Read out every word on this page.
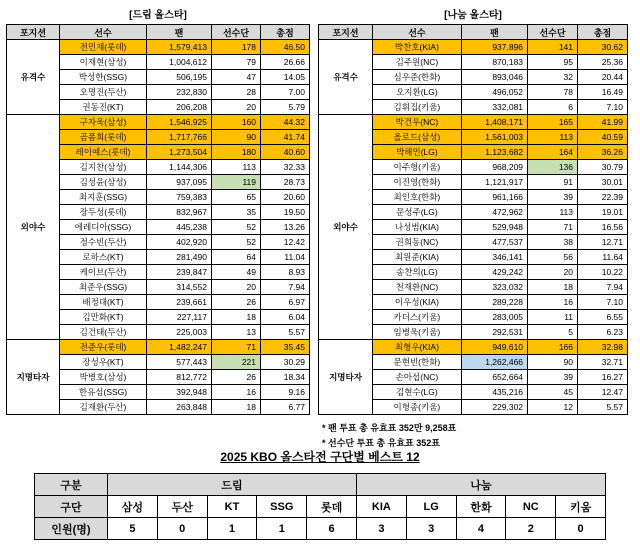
[드림 올스타]
포지션	선수	팬	선수단	총점
유격수	전민재(롯데)	1,579,413	178	46.50
	이재현(삼성)	1,004,612	79	26.66
	박성한(SSG)	506,195	47	14.05
	오명진(두산)	232,830	28	7.00
	권동진(KT)	206,208	20	5.79
외야수	구자욱(삼성)	1,546,925	160	44.32
	곰폼희(롯데)	1,717,766	90	41.74
	레이예스(롯데)	1,273,504	180	40.60
	김지찬(삼성)	1,144,306	113	32.33
	김성윤(삼성)	937,095	119	28.73
	최지훈(SSG)	759,383	65	20.60
	장두성(롯데)	832,967	35	19.50
	에레디아(SSG)	445,238	52	13.26
	정수빈(두산)	402,920	52	12.42
	로하스(KT)	281,490	64	11.04
	케이브(두산)	239,847	49	8.93
	최준우(SSG)	314,552	20	7.94
	배정대(KT)	239,661	26	6.97
	김만화(KT)	227,117	18	6.04
	김건태(두산)	225,003	13	5.57
지명타자	전준우(롯데)	1,482,247	71	35.45
	장성우(KT)	577,443	221	30.29
	박병호(삼성)	812,772	26	18.34
	한유섬(SSG)	392,948	16	9.16
	김재환(두산)	263,848	18	6.77
[나눔 올스타]
포지션	선수	팬	선수단	총점
유격수	박찬호(KIA)	937,896	141	30.62
	김주원(NC)	870,183	95	25.36
	심우준(한화)	893,046	32	20.44
	오지환(LG)	496,052	78	16.49
	김휘집(키움)	332,081	6	7.10
외야수	박건우(NC)	1,408,171	165	41.99
	올로드(삼성)	1,561,003	113	40.59
	박해민(LG)	1,123,682	164	36.26
	이주형(키움)	968,209	136	30.79
	이진영(한화)	1,121,917	91	30.01
	최인호(한화)	961,166	39	22.39
	문성주(LG)	472,962	113	19.01
	나성범(KIA)	529,948	71	16.56
	권희동(NC)	477,537	38	12.71
	최원준(KIA)	346,141	56	11.64
	송찬의(LG)	429,242	20	10.22
	천재환(NC)	323,032	18	7.94
	이우성(KIA)	289,228	16	7.10
	카더스(키움)	283,005	11	6.55
	임병욱(키움)	292,531	5	6.23
지명타자	최형우(KIA)	949,610	166	32.98
	문현빈(한화)	1,262,466	90	32.71
	손아섭(NC)	652,664	39	16.27
	김현수(LG)	435,216	45	12.47
	이형종(키움)	229,302	12	5.57
* 팬 투표 총 유효표 352만 9,258표
* 선수단 투표 총 유효표 352표
2025 KBO 올스타전 구단별 베스트 12
구분	드림					나눔				
구단	삼성	두산	KT	SSG	롯데	KIA	LG	한화	NC	키움
인원(명)	5	0	1	1	6	3	3	4	2	0
